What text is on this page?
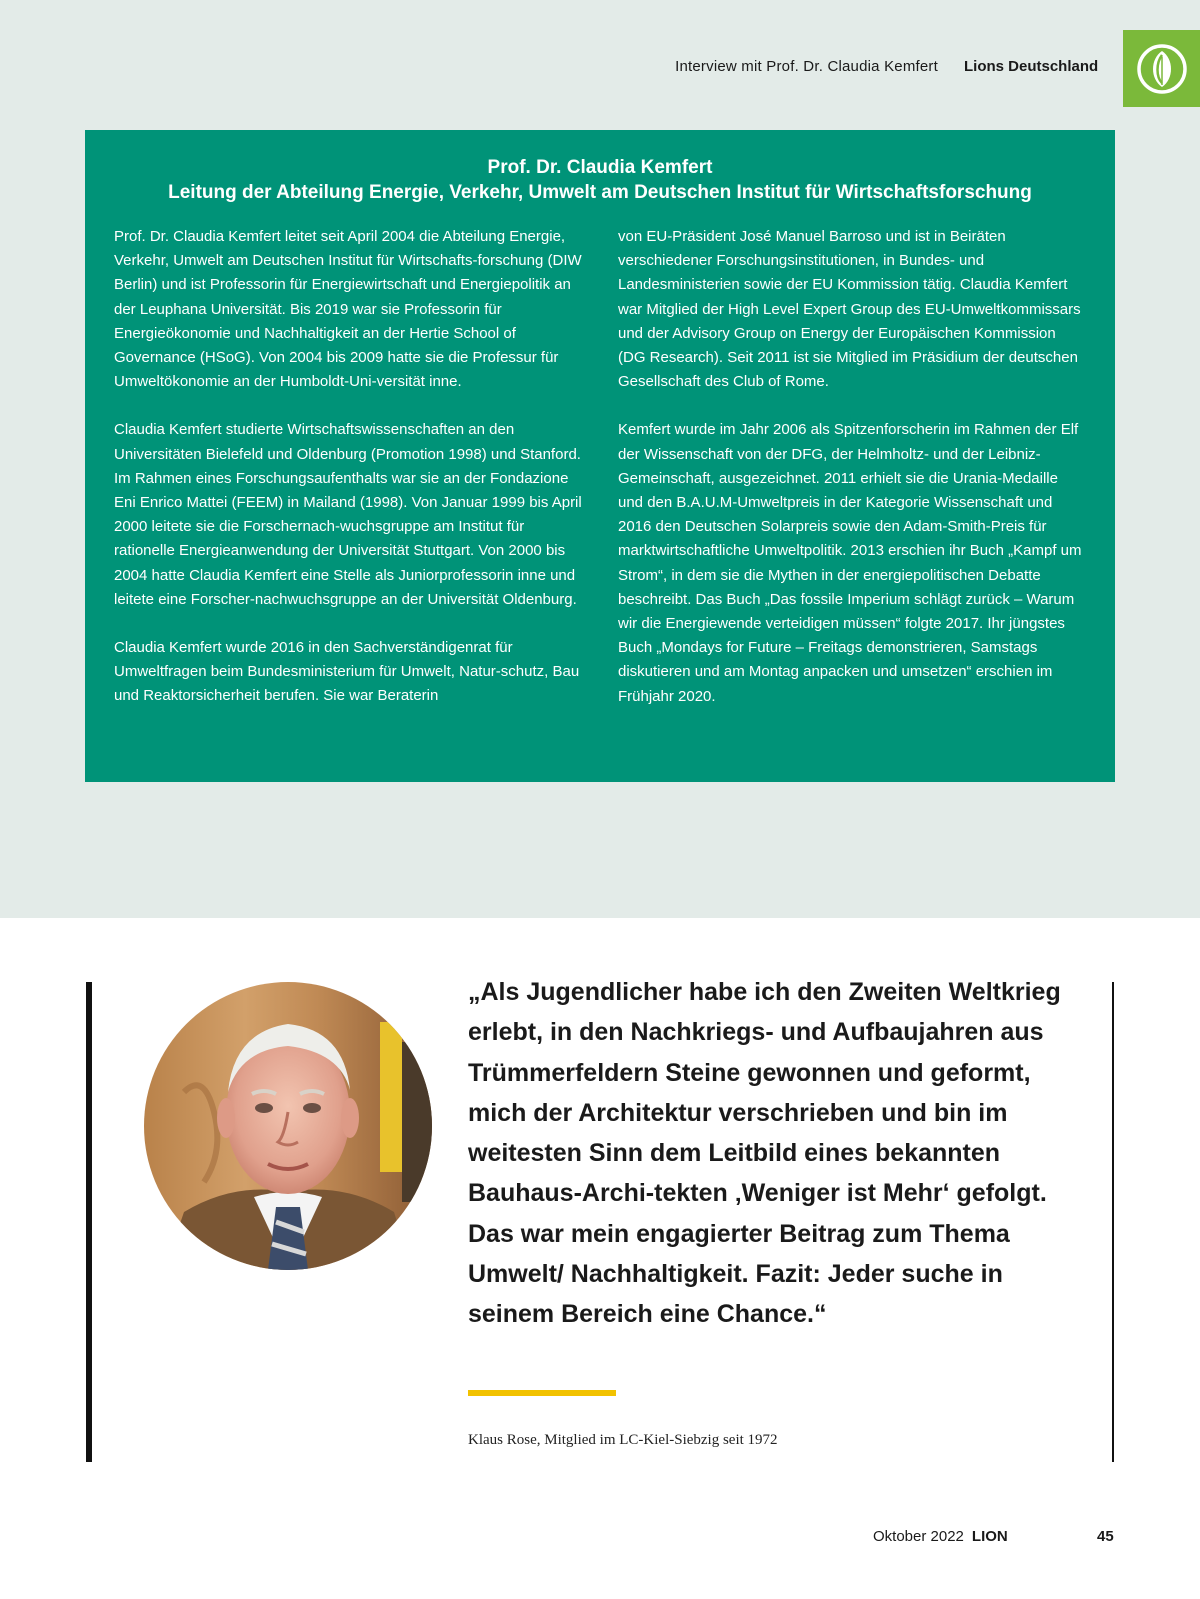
Interview mit Prof. Dr. Claudia Kemfert Lions Deutschland
Prof. Dr. Claudia Kemfert
Leitung der Abteilung Energie, Verkehr, Umwelt am Deutschen Institut für Wirtschaftsforschung

Prof. Dr. Claudia Kemfert leitet seit April 2004 die Abteilung Energie, Verkehr, Umwelt am Deutschen Institut für Wirtschafts-forschung (DIW Berlin) und ist Professorin für Energiewirtschaft und Energiepolitik an der Leuphana Universität. Bis 2019 war sie Professorin für Energieökonomie und Nachhaltigkeit an der Hertie School of Governance (HSoG). Von 2004 bis 2009 hatte sie die Professur für Umweltökonomie an der Humboldt-Uni-versität inne.

Claudia Kemfert studierte Wirtschaftswissenschaften an den Universitäten Bielefeld und Oldenburg (Promotion 1998) und Stanford. Im Rahmen eines Forschungsaufenthalts war sie an der Fondazione Eni Enrico Mattei (FEEM) in Mailand (1998). Von Januar 1999 bis April 2000 leitete sie die Forschernach-wuchsgruppe am Institut für rationelle Energieanwendung der Universität Stuttgart. Von 2000 bis 2004 hatte Claudia Kemfert eine Stelle als Juniorprofessorin inne und leitete eine Forscher-nachwuchsgruppe an der Universität Oldenburg.

Claudia Kemfert wurde 2016 in den Sachverständigenrat für Umweltfragen beim Bundesministerium für Umwelt, Natur-schutz, Bau und Reaktorsicherheit berufen. Sie war Beraterin

von EU-Präsident José Manuel Barroso und ist in Beiräten verschiedener Forschungsinstitutionen, in Bundes- und Landesministerien sowie der EU Kommission tätig. Claudia Kemfert war Mitglied der High Level Expert Group des EU-Umweltkommissars und der Advisory Group on Energy der Europäischen Kommission (DG Research). Seit 2011 ist sie Mitglied im Präsidium der deutschen Gesellschaft des Club of Rome.

Kemfert wurde im Jahr 2006 als Spitzenforscherin im Rahmen der Elf der Wissenschaft von der DFG, der Helmholtz- und der Leibniz-Gemeinschaft, ausgezeichnet. 2011 erhielt sie die Urania-Medaille und den B.A.U.M-Umweltpreis in der Kategorie Wissenschaft und 2016 den Deutschen Solarpreis sowie den Adam-Smith-Preis für marktwirtschaftliche Umweltpolitik. 2013 erschien ihr Buch „Kampf um Strom“, in dem sie die Mythen in der energiepolitischen Debatte beschreibt. Das Buch „Das fossile Imperium schlägt zurück – Warum wir die Energiewende verteidigen müssen“ folgte 2017. Ihr jüngstes Buch „Mondays for Future – Freitags demonstrieren, Samstags diskutieren und am Montag anpacken und umsetzen“ erschien im Frühjahr 2020.

„Als Jugendlicher habe ich den Zweiten Weltkrieg erlebt, in den Nachkriegs- und Aufbaujahren aus Trümmerfeldern Steine gewonnen und geformt, mich der Architektur verschrieben und bin im weitesten Sinn dem Leitbild eines bekannten Bauhaus-Archi-tekten ‚Weniger ist Mehr‘ gefolgt. Das war mein engagierter Beitrag zum Thema Umwelt/ Nachhaltigkeit. Fazit: Jeder suche in seinem Bereich eine Chance.“
Klaus Rose, Mitglied im LC-Kiel-Siebzig seit 1972
Oktober 2022 LION	45
